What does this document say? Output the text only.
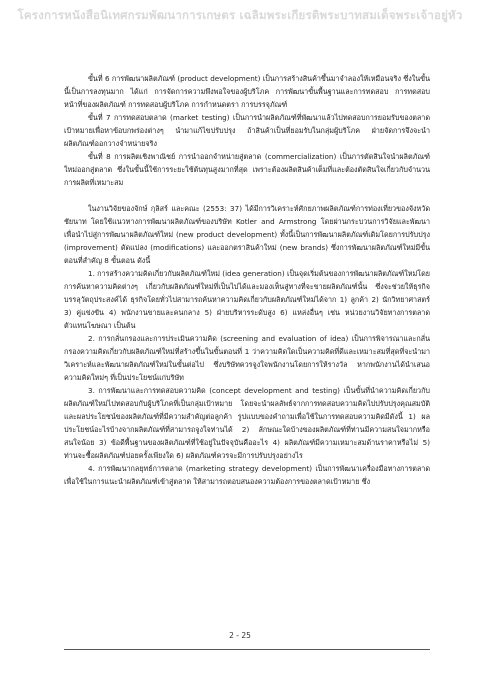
โครงการหนังสือนิเทศกรมพัฒนาการเกษตร เฉลิมพระเกียรติพระบาทสมเด็จพระเจ้าอยู่หัว

ขั้นที่ 6 การพัฒนาผลิตภัณฑ์ (product development) เป็นการสร้างสินค้าขึ้นมาจำลองให้เหมือนจริง ซึ่งในขั้นนี้เป็นการลงทุนมาก ได้แก่ การจัดการความพึงพอใจของผู้บริโภค การพัฒนาขั้นพื้นฐานและการทดสอบ การทดสอบหน้าที่ของผลิตภัณฑ์ การทดสอบผู้บริโภค การกำหนดตรา การบรรจุภัณฑ์

ขั้นที่ 7 การทดสอบตลาด (market testing) เป็นการนำผลิตภัณฑ์ที่พัฒนาแล้วไปทดสอบการยอมรับของตลาดเป้าหมายเพื่อหาข้อบกพร่องต่างๆ นำมาแก้ไขปรับปรุง ถ้าสินค้าเป็นที่ยอมรับในกลุ่มผู้บริโภค ฝ่ายจัดการจึงจะนำผลิตภัณฑ์ออกวางจำหน่ายจริง

ขั้นที่ 8 การผลิตเชิงพาณิชย์ การนำออกจำหน่ายสู่ตลาด (commercialization) เป็นการตัดสินใจนำผลิตภัณฑ์ใหม่ออกสู่ตลาด ซึ่งในขั้นนี้ใช้การระยะใช้ต้นทุนสูงมากที่สุด เพราะต้องผลิตสินค้าเต็มที่และต้องตัดสินใจเกี่ยวกับจำนวนการผลิตที่เหมาะสม

ในงานวิจัยของจักษ์ กุลิสร์ และคณะ (2553: 37) ได้มีการวิเคราะห์ศักยภาพผลิตภัณฑ์การท่องเที่ยวของจังหวัดชัยนาท โดยใช้แนวทางการพัฒนาผลิตภัณฑ์ของบริษัท Kotler and Armstrong โดยผ่านกระบวนการวิจัยและพัฒนา เพื่อนำไปสู่การพัฒนาผลิตภัณฑ์ใหม่ (new product development) ทั้งนี้เป็นการพัฒนาผลิตภัณฑ์เดิมโดยการปรับปรุง (improvement) ดัดแปลง (modifications) และออกตราสินค้าใหม่ (new brands) ซึ่งการพัฒนาผลิตภัณฑ์ใหม่มีขั้นตอนที่สำคัญ 8 ขั้นตอน ดังนี้

1. การสร้างความคิดเกี่ยวกับผลิตภัณฑ์ใหม่ (idea generation) เป็นจุดเริ่มต้นของการพัฒนาผลิตภัณฑ์ใหม่โดยการค้นหาความคิดต่างๆ เกี่ยวกับผลิตภัณฑ์ใหม่ที่เป็นไปได้และมองเห็นสู่ทางที่จะขายผลิตภัณฑ์นั้น ซึ่งจะช่วยให้ธุรกิจบรรลุวัตถุประสงค์ได้ ธุรกิจโดยทั่วไปสามารถค้นหาความคิดเกี่ยวกับผลิตภัณฑ์ใหม่ได้จาก 1) ลูกค้า 2) นักวิทยาศาสตร์ 3) คู่แข่งขัน 4) พนักงานขายและคนกลาง 5) ฝ่ายบริหารระดับสูง 6) แหล่งอื่นๆ เช่น หน่วยงานวิจัยทางการตลาด ตัวแทนโฆษณา เป็นต้น

2. การกลั่นกรองและการประเมินความคิด (screening and evaluation of idea) เป็นการพิจารณาและกลั่นกรองความคิดเกี่ยวกับผลิตภัณฑ์ใหม่ที่สร้างขึ้นในขั้นตอนที่ 1 ว่าความคิดใดเป็นความคิดที่ดีและเหมาะสมที่สุดที่จะนำมาวิเคราะห์และพัฒนาผลิตภัณฑ์ใหม่ในขั้นต่อไป ซึ่งบริษัทควรจูงใจพนักงานโดยการให้รางวัล หากพนักงานได้นำเสนอความคิดใหม่ๆ ที่เป็นประโยชน์แก่บริษัท

3. การพัฒนาและการทดสอบความคิด (concept development and testing) เป็นขั้นที่นำความคิดเกี่ยวกับผลิตภัณฑ์ใหม่ไปทดสอบกับผู้บริโภคที่เป็นกลุ่มเป้าหมาย โดยจะนำผลลัพธ์จากการทดสอบความคิดไปปรับปรุงคุณสมบัติและผลประโยชน์ของผลิตภัณฑ์ที่มีความสำคัญต่อลูกค้า รูปแบบของคำถามเพื่อใช้ในการทดสอบความคิดมีดังนี้ 1) ผลประโยชน์อะไรบ้างจากผลิตภัณฑ์ที่สามารถจูงใจท่านได้ 2) ลักษณะใดบ้างของผลิตภัณฑ์ที่ท่านมีความสนใจมากหรือสนใจน้อย 3) ข้อดีพื้นฐานของผลิตภัณฑ์ที่ใช้อยู่ในปัจจุบันคืออะไร 4) ผลิตภัณฑ์มีความเหมาะสมด้านราคาหรือไม่ 5) ท่านจะซื้อผลิตภัณฑ์บ่อยครั้งเพียงใด 6) ผลิตภัณฑ์ควรจะมีการปรับปรุงอย่างไร

4. การพัฒนากลยุทธ์การตลาด (marketing strategy development) เป็นการพัฒนาเครื่องมือทางการตลาดเพื่อใช้ในการแนะนำผลิตภัณฑ์เข้าสู่ตลาด ให้สามารถตอบสนองความต้องการของตลาดเป้าหมาย ซึ่ง

2 - 25
